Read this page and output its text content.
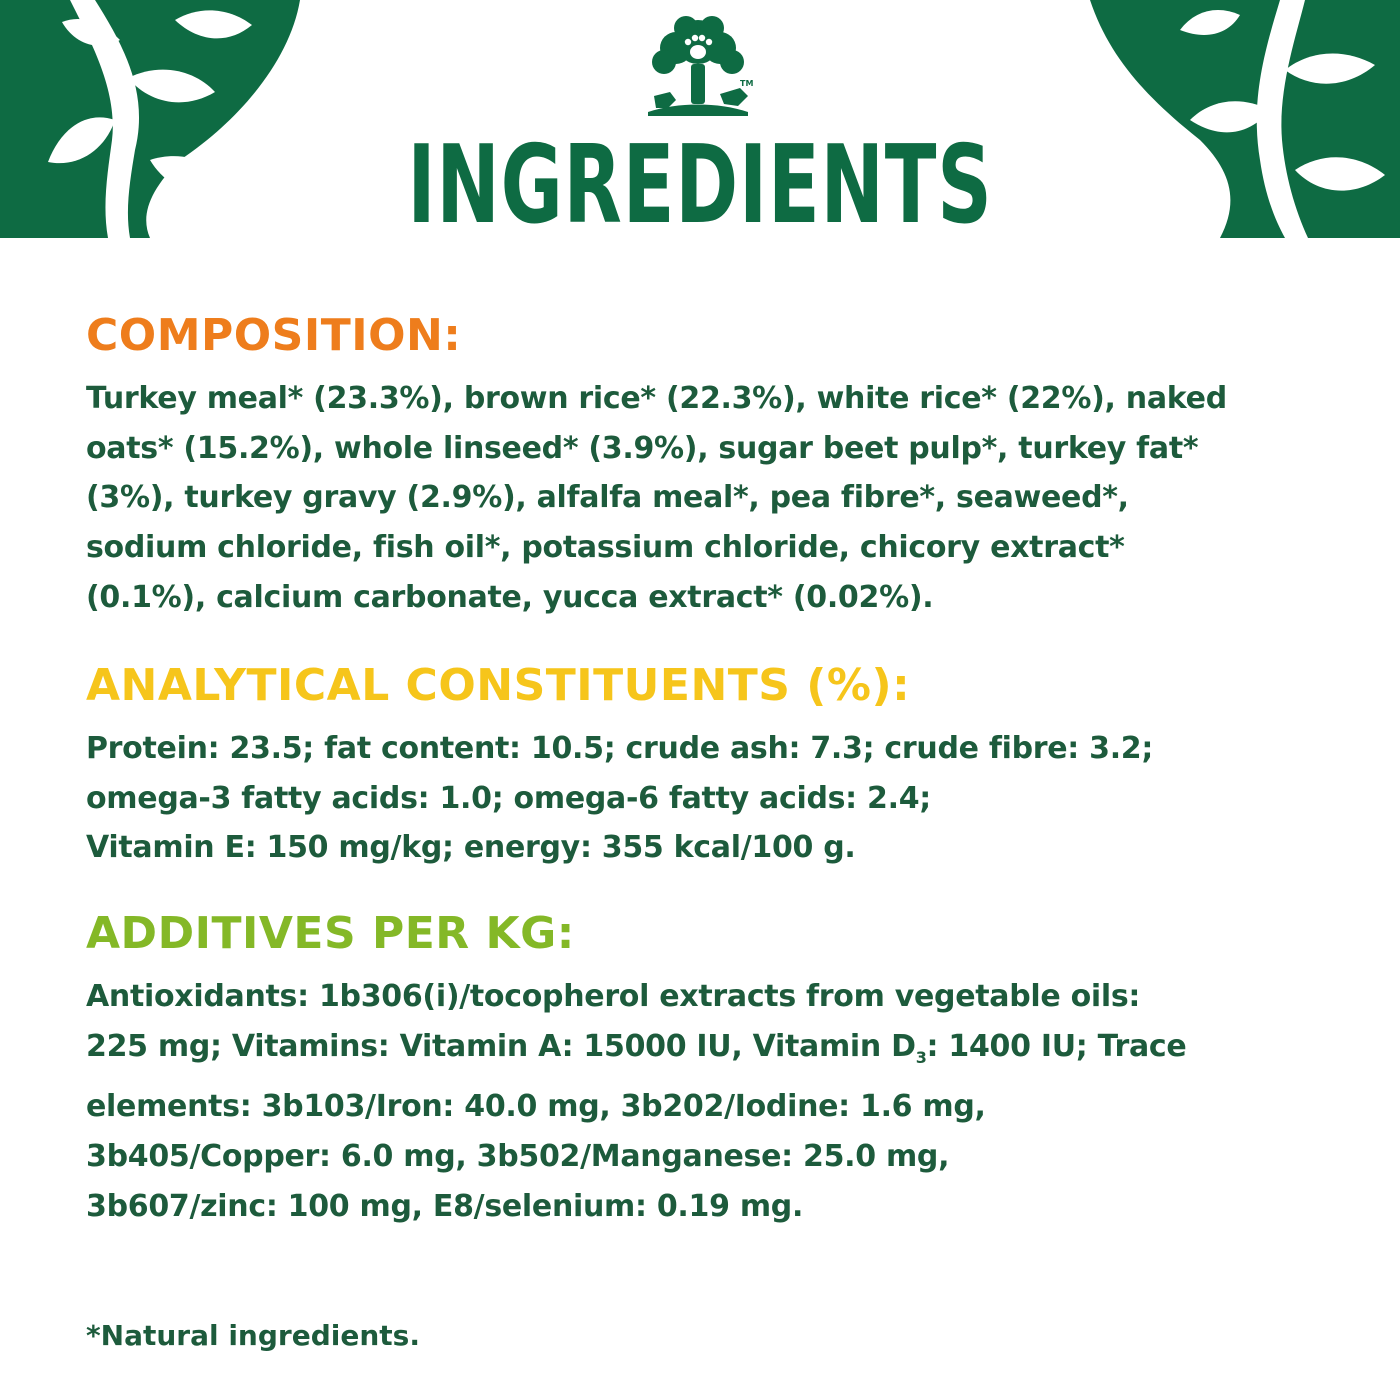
TM
INGREDIENTS
COMPOSITION:

Turkey meal* (23.3%), brown rice* (22.3%), white rice* (22%), naked
oats* (15.2%), whole linseed* (3.9%), sugar beet pulp*, turkey fat*
(3%), turkey gravy (2.9%), alfalfa meal*, pea fibre*, seaweed*,
sodium chloride, fish oil*, potassium chloride, chicory extract*
(0.1%), calcium carbonate, yucca extract* (0.02%).

ANALYTICAL CONSTITUENTS (%):

Protein: 23.5; fat content: 10.5; crude ash: 7.3; crude fibre: 3.2;
omega-3 fatty acids: 1.0; omega-6 fatty acids: 2.4;
Vitamin E: 150 mg/kg; energy: 355 kcal/100 g.

ADDITIVES PER KG:

Antioxidants: 1b306(i)/tocopherol extracts from vegetable oils:
225 mg; Vitamins: Vitamin A: 15000 IU, Vitamin $D_3$: 1400 IU; Trace
elements: 3b103/Iron: 40.0 mg, 3b202/Iodine: 1.6 mg,
3b405/Copper: 6.0 mg, 3b502/Manganese: 25.0 mg,
3b607/zinc: 100 mg, E8/selenium: 0.19 mg.

*Natural ingredients.
